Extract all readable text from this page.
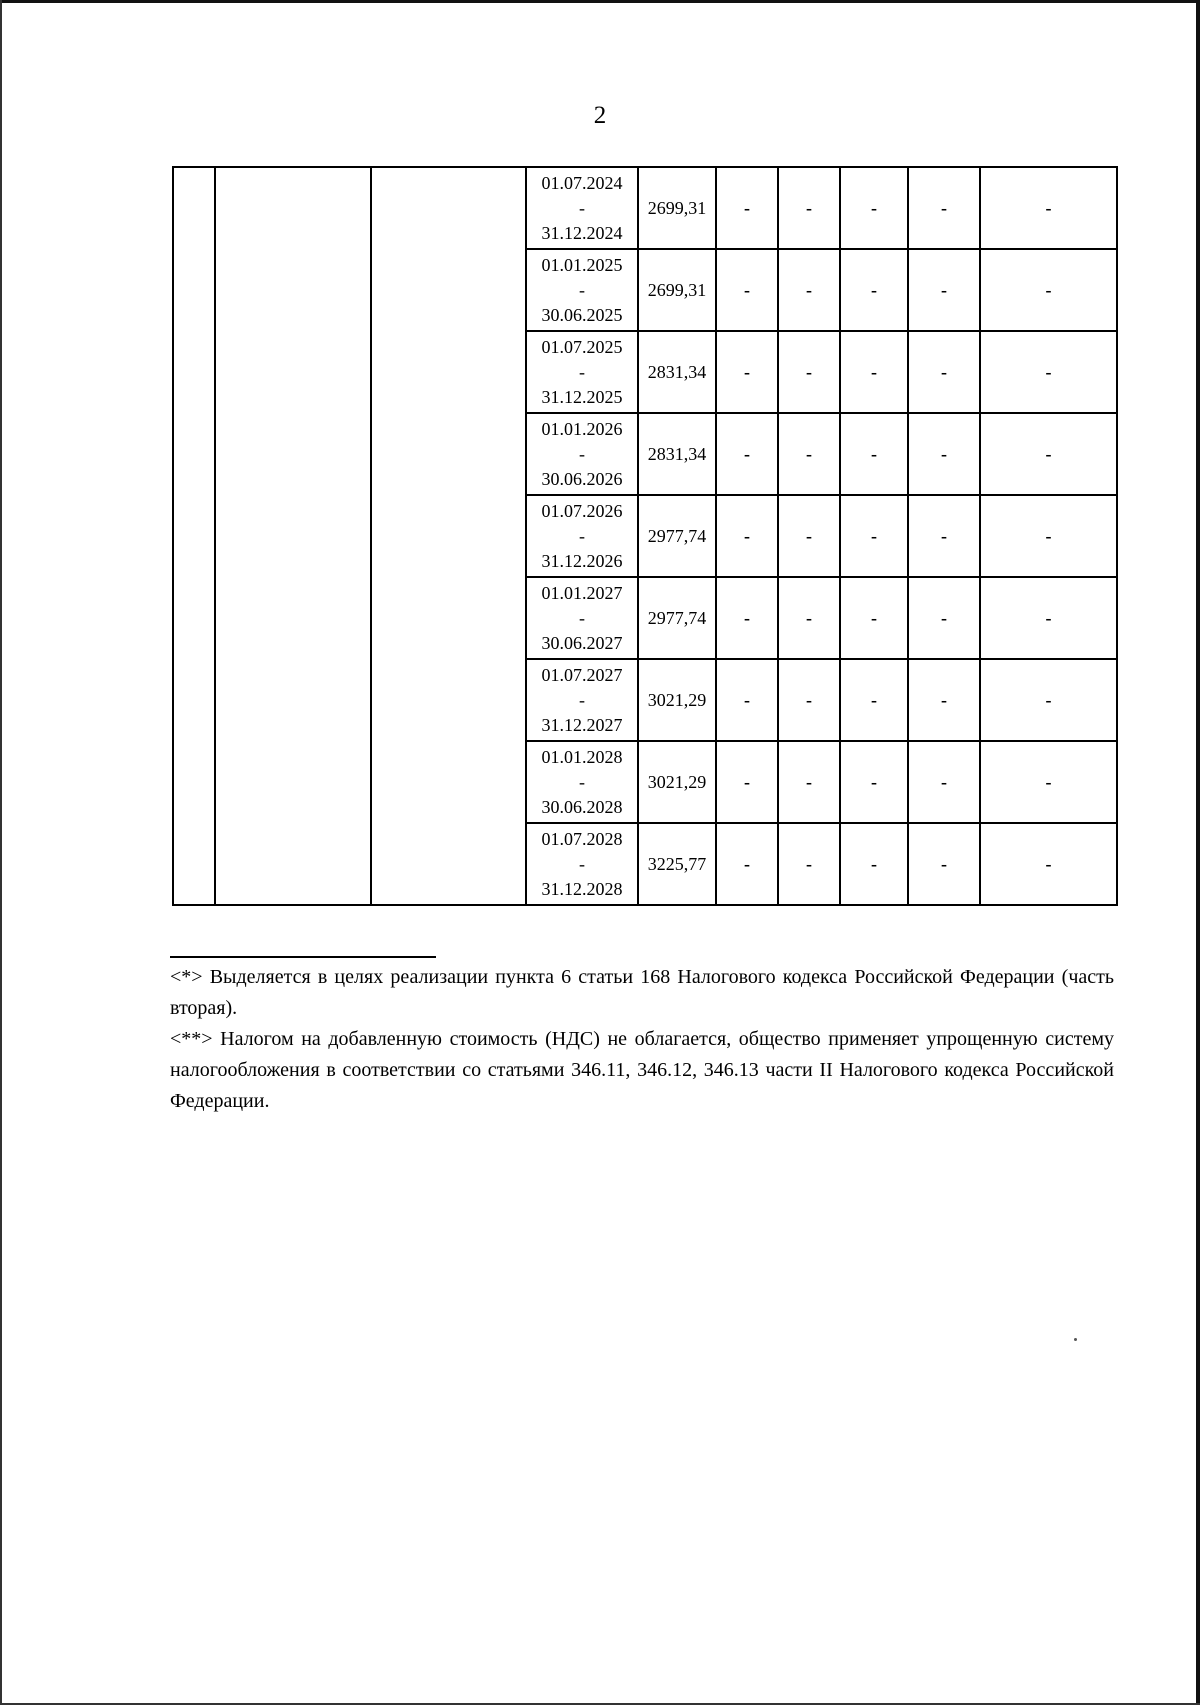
2

			01.07.2024
-
31.12.2024	2699,31	-	-	-	-	-

			01.01.2025
-
30.06.2025	2699,31	-	-	-	-	-

			01.07.2025
-
31.12.2025	2831,34	-	-	-	-	-

			01.01.2026
-
30.06.2026	2831,34	-	-	-	-	-

			01.07.2026
-
31.12.2026	2977,74	-	-	-	-	-

			01.01.2027
-
30.06.2027	2977,74	-	-	-	-	-

			01.07.2027
-
31.12.2027	3021,29	-	-	-	-	-

			01.01.2028
-
30.06.2028	3021,29	-	-	-	-	-

			01.07.2028
-
31.12.2028	3225,77	-	-	-	-	-

<*> Выделяется в целях реализации пункта 6 статьи 168 Налогового кодекса Российской Федерации (часть вторая).

<**> Налогом на добавленную стоимость (НДС) не облагается, общество применяет упрощенную систему налогообложения в соответствии со статьями 346.11, 346.12, 346.13 части II Налогового кодекса Российской Федерации.
